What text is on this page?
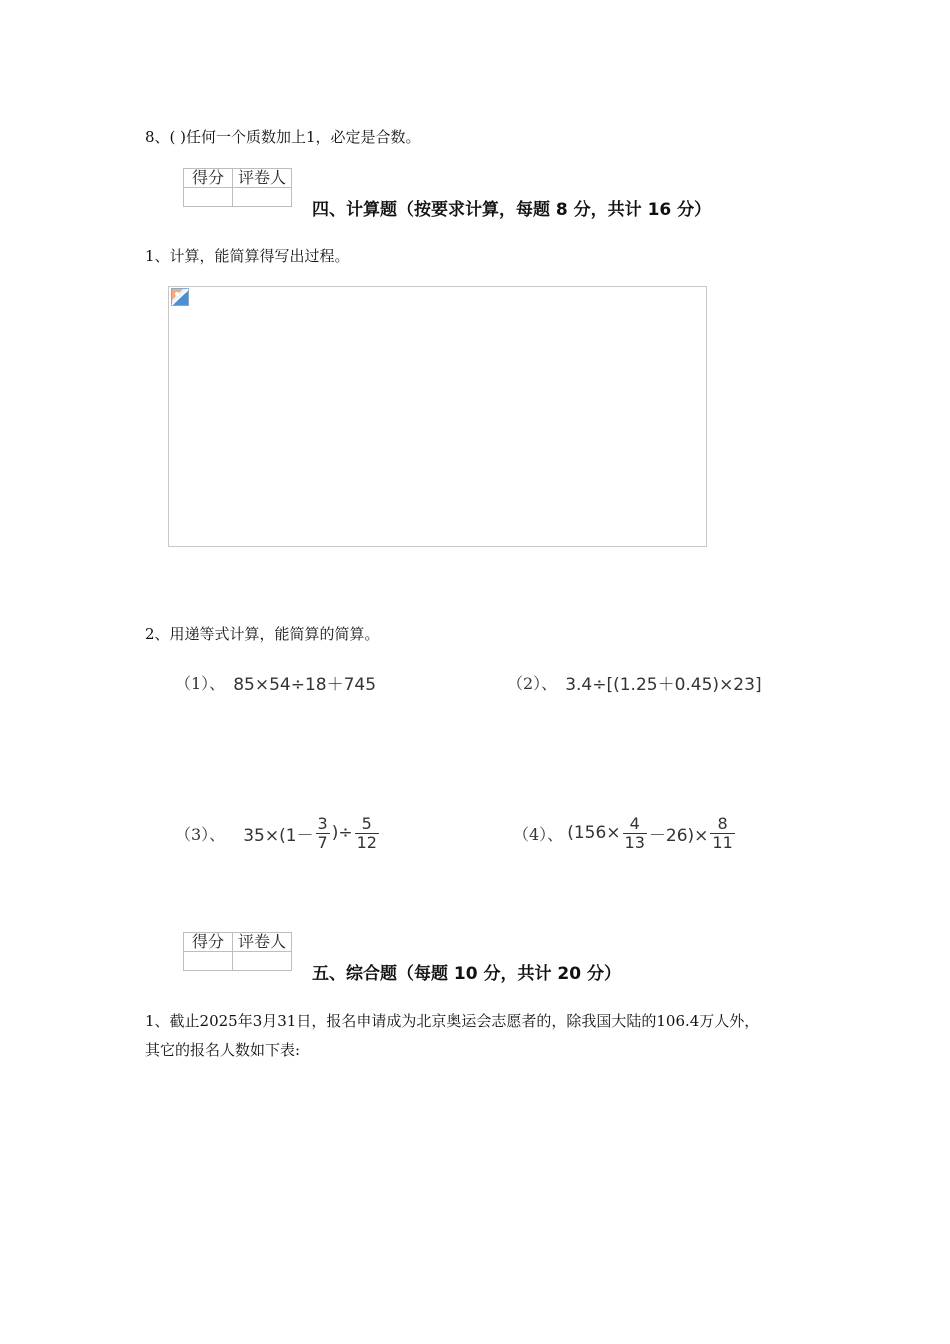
8、( )任何一个质数加上1，必定是合数。
得分	评卷人

四、计算题（按要求计算，每题 8 分，共计 16 分）
1、计算，能简算得写出过程。
2、用递等式计算，能简算的简算。
（1）、 85×54÷18＋745	（2）、 3.4÷[(1.25＋0.45)×23]
（3）、 $35\times(1- \frac{3}{7}$ )÷ $\frac{5}{12}$	（4）、 $(156\times \frac{4}{13} -26)\times \frac{8}{11}$
得分	评卷人

五、综合题（每题 10 分，共计 20 分）
1、截止2025年3月31日，报名申请成为北京奥运会志愿者的，除我国大陆的106.4万人外，
其它的报名人数如下表:
